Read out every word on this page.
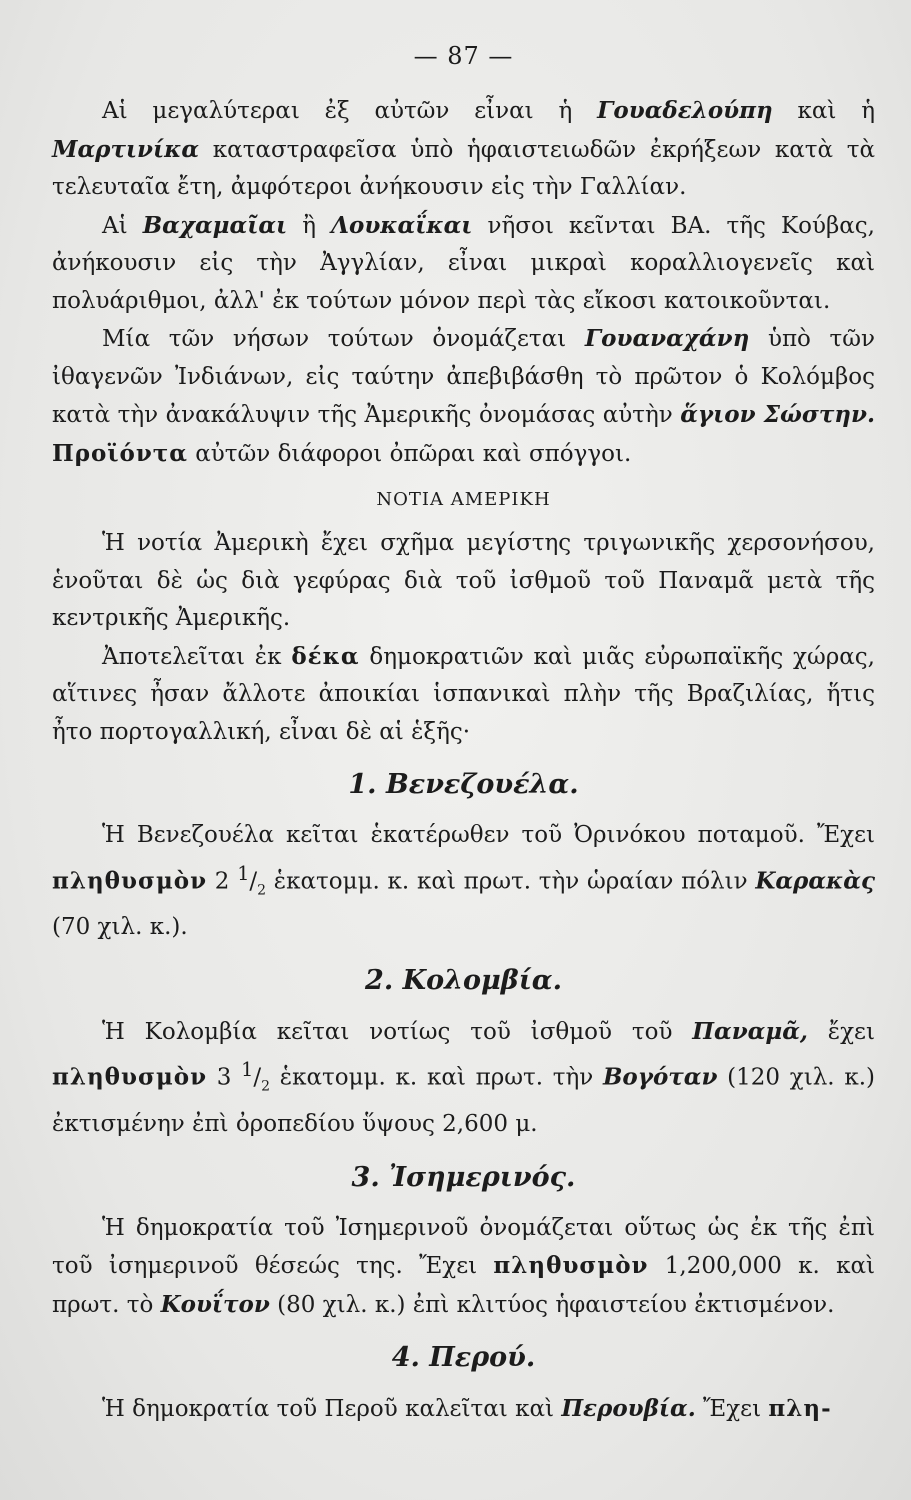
— 87 —

Αἱ μεγαλύτεραι ἐξ αὐτῶν εἶναι ἡ Γουαδελούπη καὶ ἡ Μαρτινίκα καταστραφεῖσα ὑπὸ ἡφαιστειωδῶν ἐκρήξεων κατὰ τὰ τελευταῖα ἔτη, ἀμφότεροι ἀνήκουσιν εἰς τὴν Γαλλίαν.

Αἱ Βαχαμαῖαι ἢ Λουκαΐκαι νῆσοι κεῖνται ΒΑ. τῆς Κούβας, ἀνήκουσιν εἰς τὴν Ἀγγλίαν, εἶναι μικραὶ κοραλλιογενεῖς καὶ πολυάριθμοι, ἀλλ' ἐκ τούτων μόνον περὶ τὰς εἴκοσι κατοικοῦνται.

Μία τῶν νήσων τούτων ὀνομάζεται Γουαναχάνη ὑπὸ τῶν ἰθαγενῶν Ἰνδιάνων, εἰς ταύτην ἀπεβιβάσθη τὸ πρῶτον ὁ Κολόμβος κατὰ τὴν ἀνακάλυψιν τῆς Ἀμερικῆς ὀνομάσας αὐτὴν ἅγιον Σώστην. Προϊόντα αὐτῶν διάφοροι ὀπῶραι καὶ σπόγγοι.

ΝΟΤΙΑ ΑΜΕΡΙΚΗ

Ἡ νοτία Ἀμερικὴ ἔχει σχῆμα μεγίστης τριγωνικῆς χερσονήσου, ἑνοῦται δὲ ὡς διὰ γεφύρας διὰ τοῦ ἰσθμοῦ τοῦ Παναμᾶ μετὰ τῆς κεντρικῆς Ἀμερικῆς.

Ἀποτελεῖται ἐκ δέκα δημοκρατιῶν καὶ μιᾶς εὐρωπαϊκῆς χώρας, αἵτινες ἦσαν ἄλλοτε ἀποικίαι ἱσπανικαὶ πλὴν τῆς Βραζιλίας, ἥτις ἦτο πορτογαλλική, εἶναι δὲ αἱ ἑξῆς·

1. Βενεζουέλα.

Ἡ Βενεζουέλα κεῖται ἑκατέρωθεν τοῦ Ὀρινόκου ποταμοῦ. Ἔχει πληθυσμὸν 2 $^1/_2$ ἑκατομμ. κ. καὶ πρωτ. τὴν ὡραίαν πόλιν Καρακὰς (70 χιλ. κ.).

2. Κολομβία.

Ἡ Κολομβία κεῖται νοτίως τοῦ ἰσθμοῦ τοῦ Παναμᾶ, ἔχει πληθυσμὸν 3 $^1/_2$ ἑκατομμ. κ. καὶ πρωτ. τὴν Βογόταν (120 χιλ. κ.) ἐκτισμένην ἐπὶ ὀροπεδίου ὕψους 2,600 μ.

3. Ἰσημερινός.

Ἡ δημοκρατία τοῦ Ἰσημερινοῦ ὀνομάζεται οὕτως ὡς ἐκ τῆς ἐπὶ τοῦ ἰσημερινοῦ θέσεώς της. Ἔχει πληθυσμὸν 1,200,000 κ. καὶ πρωτ. τὸ Κουΐτον (80 χιλ. κ.) ἐπὶ κλιτύος ἡφαιστείου ἐκτισμένον.

4. Περού.

Ἡ δημοκρατία τοῦ Περοῦ καλεῖται καὶ Περουβία. Ἔχει πλη-
